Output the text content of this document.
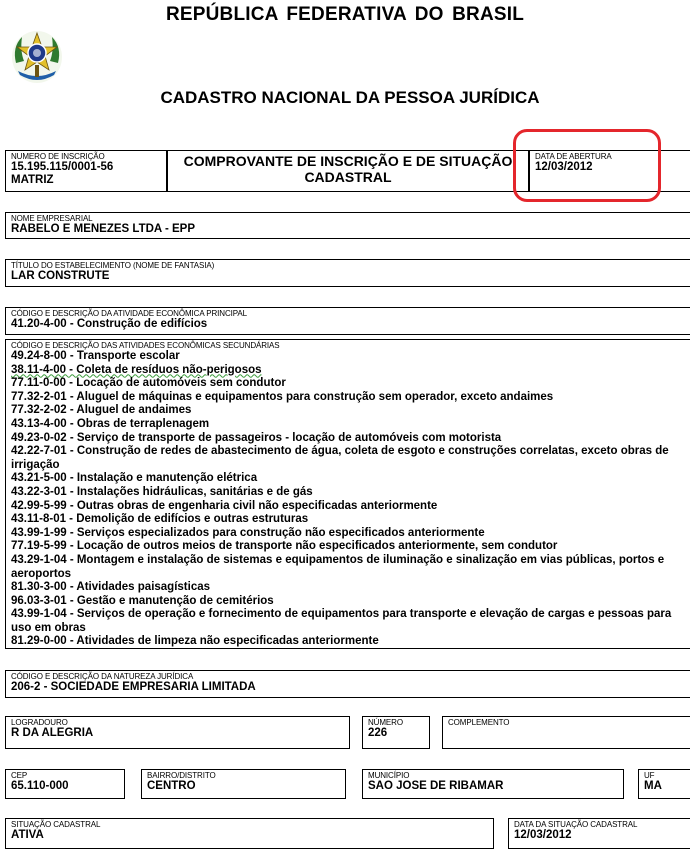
REPÚBLICA FEDERATIVA DO BRASIL
CADASTRO NACIONAL DA PESSOA JURÍDICA
NUMERO DE INSCRIÇÃO
15.195.115/0001-56
MATRIZ
COMPROVANTE DE INSCRIÇÃO E DE SITUAÇÃO
CADASTRAL
DATA DE ABERTURA
12/03/2012
NOME EMPRESARIAL
RABELO E MENEZES LTDA - EPP
TÍTULO DO ESTABELECIMENTO (NOME DE FANTASIA)
LAR CONSTRUTE
CÓDIGO E DESCRIÇÃO DA ATIVIDADE ECONÔMICA PRINCIPAL
41.20-4-00 - Construção de edifícios
CÓDIGO E DESCRIÇÃO DAS ATIVIDADES ECONÔMICAS SECUNDÁRIAS
49.24-8-00 - Transporte escolar
38.11-4-00 - Coleta de resíduos não-perigosos
77.11-0-00 - Locação de automóveis sem condutor
77.32-2-01 - Aluguel de máquinas e equipamentos para construção sem operador, exceto andaimes
77.32-2-02 - Aluguel de andaimes
43.13-4-00 - Obras de terraplenagem
49.23-0-02 - Serviço de transporte de passageiros - locação de automóveis com motorista
42.22-7-01 - Construção de redes de abastecimento de água, coleta de esgoto e construções correlatas, exceto obras de irrigação
43.21-5-00 - Instalação e manutenção elétrica
43.22-3-01 - Instalações hidráulicas, sanitárias e de gás
42.99-5-99 - Outras obras de engenharia civil não especificadas anteriormente
43.11-8-01 - Demolição de edifícios e outras estruturas
43.99-1-99 - Serviços especializados para construção não especificados anteriormente
77.19-5-99 - Locação de outros meios de transporte não especificados anteriormente, sem condutor
43.29-1-04 - Montagem e instalação de sistemas e equipamentos de iluminação e sinalização em vias públicas, portos e aeroportos
81.30-3-00 - Atividades paisagísticas
96.03-3-01 - Gestão e manutenção de cemitérios
43.99-1-04 - Serviços de operação e fornecimento de equipamentos para transporte e elevação de cargas e pessoas para uso em obras
81.29-0-00 - Atividades de limpeza não especificadas anteriormente
CÓDIGO E DESCRIÇÃO DA NATUREZA JURÍDICA
206-2 - SOCIEDADE EMPRESARIA LIMITADA
LOGRADOURO
R DA ALEGRIA
NÚMERO
226
COMPLEMENTO
CEP
65.110-000
BAIRRO/DISTRITO
CENTRO
MUNICÍPIO
SAO JOSE DE RIBAMAR
UF
MA
SITUAÇÃO CADASTRAL
ATIVA
DATA DA SITUAÇÃO CADASTRAL
12/03/2012
